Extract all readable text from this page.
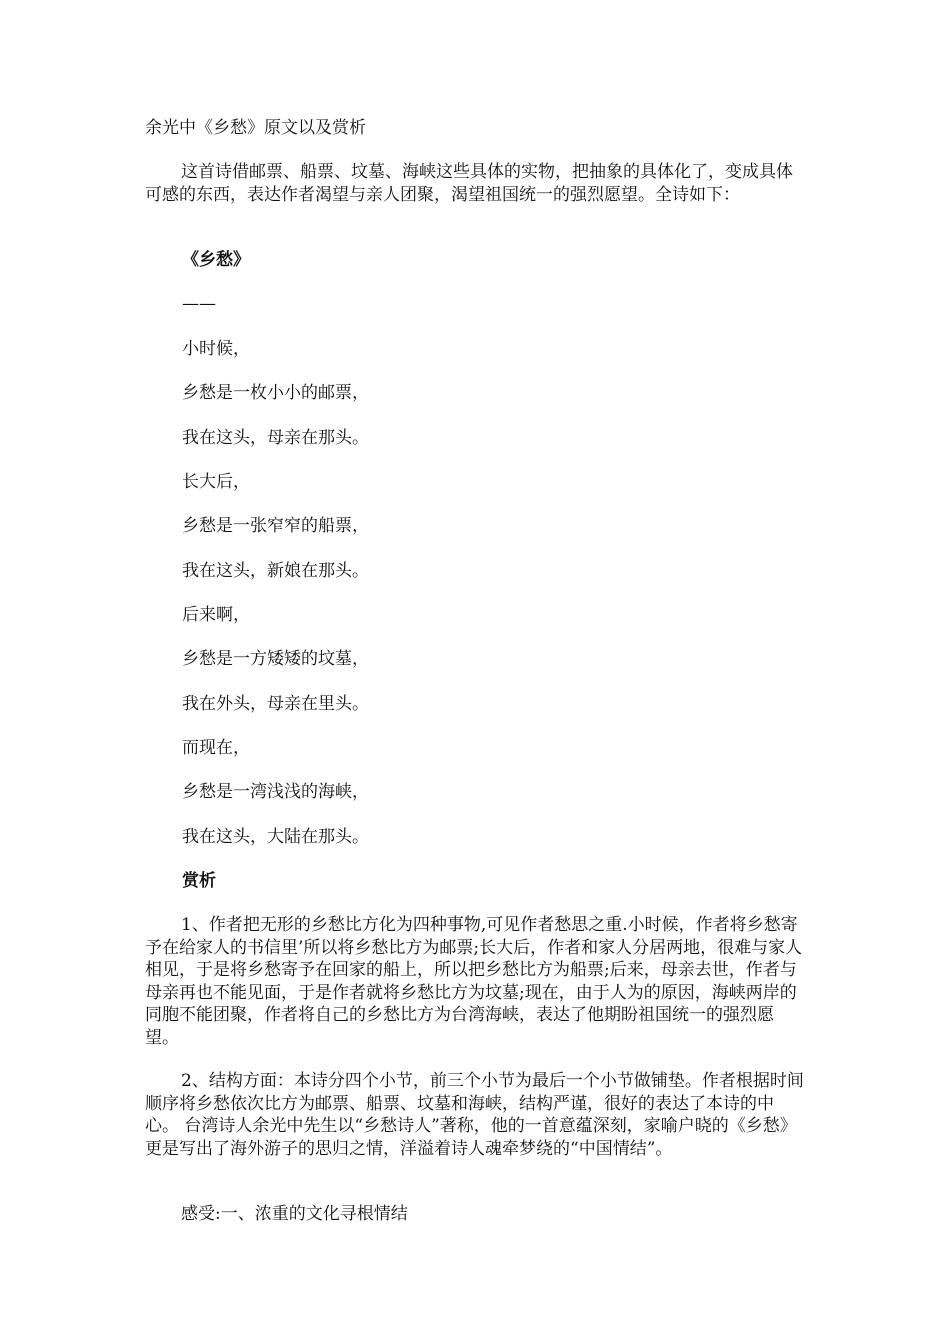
余光中《乡愁》原文以及赏析
这首诗借邮票、船票、坟墓、海峡这些具体的实物，把抽象的具体化了，变成具体可感的东西，表达作者渴望与亲人团聚，渴望祖国统一的强烈愿望。全诗如下：
《乡愁》
——
小时候，
乡愁是一枚小小的邮票，
我在这头，母亲在那头。
长大后，
乡愁是一张窄窄的船票，
我在这头，新娘在那头。
后来啊，
乡愁是一方矮矮的坟墓，
我在外头，母亲在里头。
而现在，
乡愁是一湾浅浅的海峡，
我在这头，大陆在那头。
赏析
1、作者把无形的乡愁比方化为四种事物,可见作者愁思之重.小时候，作者将乡愁寄予在给家人的书信里’所以将乡愁比方为邮票;长大后，作者和家人分居两地，很难与家人相见，于是将乡愁寄予在回家的船上，所以把乡愁比方为船票;后来，母亲去世，作者与母亲再也不能见面，于是作者就将乡愁比方为坟墓;现在，由于人为的原因，海峡两岸的同胞不能团聚，作者将自己的乡愁比方为台湾海峡，表达了他期盼祖国统一的强烈愿望。
2、结构方面：本诗分四个小节，前三个小节为最后一个小节做铺垫。作者根据时间顺序将乡愁依次比方为邮票、船票、坟墓和海峡，结构严谨，很好的表达了本诗的中心。 台湾诗人余光中先生以“乡愁诗人”著称，他的一首意蕴深刻，家喻户晓的《乡愁》更是写出了海外游子的思归之情，洋溢着诗人魂牵梦绕的“中国情结”。
感受:一、浓重的文化寻根情结
